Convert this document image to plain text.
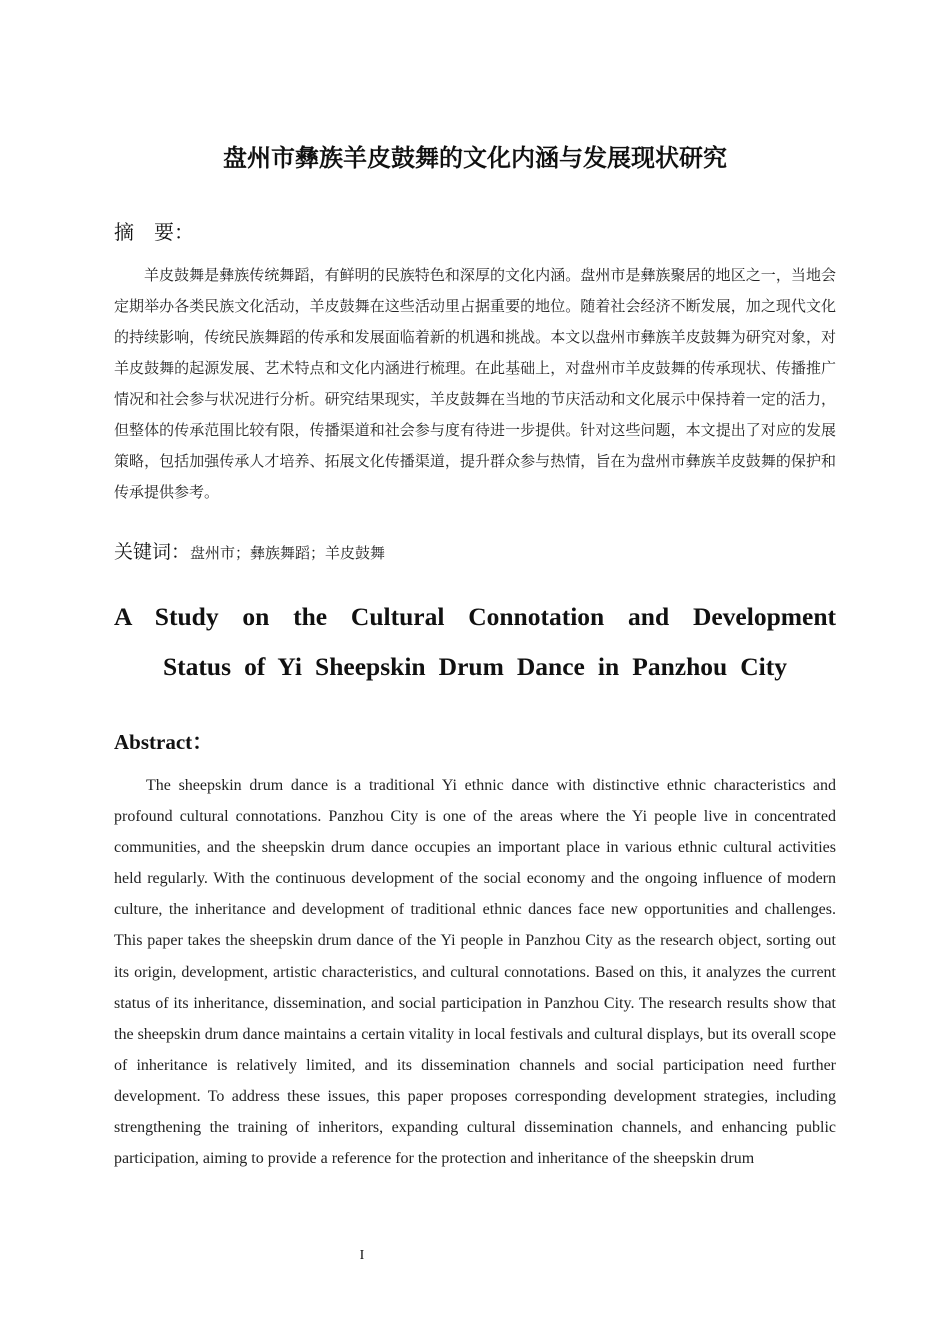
盘州市彝族羊皮鼓舞的文化内涵与发展现状研究

摘　要：

羊皮鼓舞是彝族传统舞蹈，有鲜明的民族特色和深厚的文化内涵。盘州市是彝族聚居的地区之一，当地会定期举办各类民族文化活动，羊皮鼓舞在这些活动里占据重要的地位。随着社会经济不断发展，加之现代文化的持续影响，传统民族舞蹈的传承和发展面临着新的机遇和挑战。本文以盘州市彝族羊皮鼓舞为研究对象，对羊皮鼓舞的起源发展、艺术特点和文化内涵进行梳理。在此基础上，对盘州市羊皮鼓舞的传承现状、传播推广情况和社会参与状况进行分析。研究结果现实，羊皮鼓舞在当地的节庆活动和文化展示中保持着一定的活力，但整体的传承范围比较有限，传播渠道和社会参与度有待进一步提供。针对这些问题，本文提出了对应的发展策略，包括加强传承人才培养、拓展文化传播渠道，提升群众参与热情，旨在为盘州市彝族羊皮鼓舞的保护和传承提供参考。

关键词：盘州市；彝族舞蹈；羊皮鼓舞

A Study on the Cultural Connotation and Development
Status of Yi Sheepskin Drum Dance in Panzhou City

Abstract：

The sheepskin drum dance is a traditional Yi ethnic dance with distinctive ethnic characteristics and profound cultural connotations. Panzhou City is one of the areas where the Yi people live in concentrated communities, and the sheepskin drum dance occupies an important place in various ethnic cultural activities held regularly. With the continuous development of the social economy and the ongoing influence of modern culture, the inheritance and development of traditional ethnic dances face new opportunities and challenges. This paper takes the sheepskin drum dance of the Yi people in Panzhou City as the research object, sorting out its origin, development, artistic characteristics, and cultural connotations. Based on this, it analyzes the current status of its inheritance, dissemination, and social participation in Panzhou City. The research results show that the sheepskin drum dance maintains a certain vitality in local festivals and cultural displays, but its overall scope of inheritance is relatively limited, and its dissemination channels and social participation need further development. To address these issues, this paper proposes corresponding development strategies, including strengthening the training of inheritors, expanding cultural dissemination channels, and enhancing public participation, aiming to provide a reference for the protection and inheritance of the sheepskin drum

I
